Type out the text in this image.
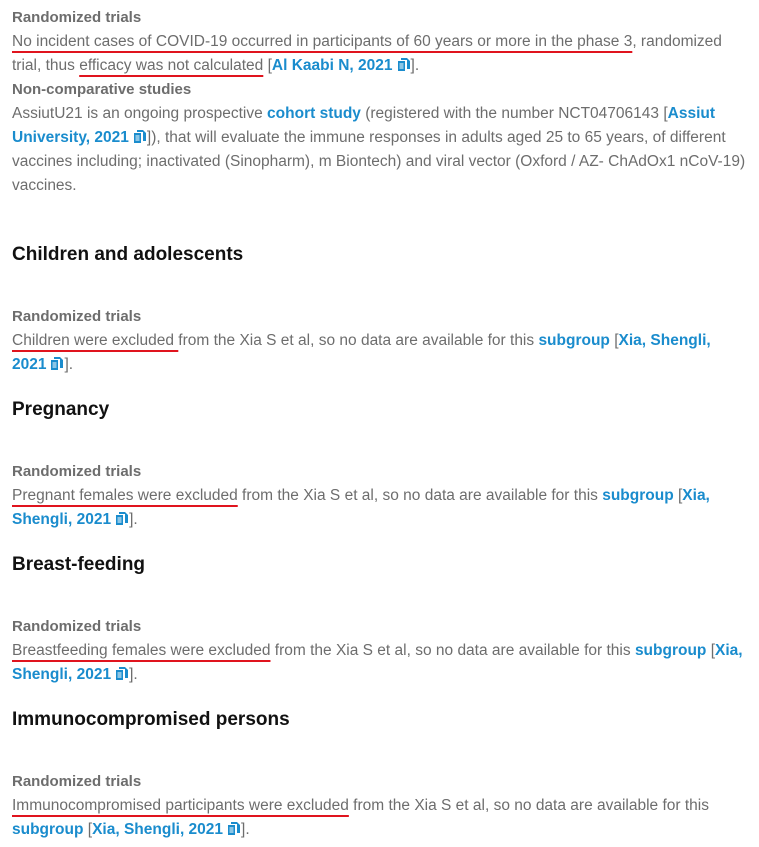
Randomized trials

No incident cases of COVID-19 occurred in participants of 60 years or more in the phase 3, randomized trial, thus efficacy was not calculated [Al Kaabi N, 2021 ].

Non-comparative studies

AssiutU21 is an ongoing prospective cohort study (registered with the number NCT04706143 [Assiut University, 2021 ]), that will evaluate the immune responses in adults aged 25 to 65 years, of different vaccines including; inactivated (Sinopharm), m Biontech) and viral vector (Oxford / AZ- ChAdOx1 nCoV-19) vaccines.

Children and adolescents

Randomized trials

Children were excluded from the Xia S et al, so no data are available for this subgroup [Xia, Shengli, 2021 ].

Pregnancy

Randomized trials

Pregnant females were excluded from the Xia S et al, so no data are available for this subgroup [Xia, Shengli, 2021 ].

Breast-feeding

Randomized trials

Breastfeeding females were excluded from the Xia S et al, so no data are available for this subgroup [Xia, Shengli, 2021 ].

Immunocompromised persons

Randomized trials

Immunocompromised participants were excluded from the Xia S et al, so no data are available for this subgroup [Xia, Shengli, 2021 ].
